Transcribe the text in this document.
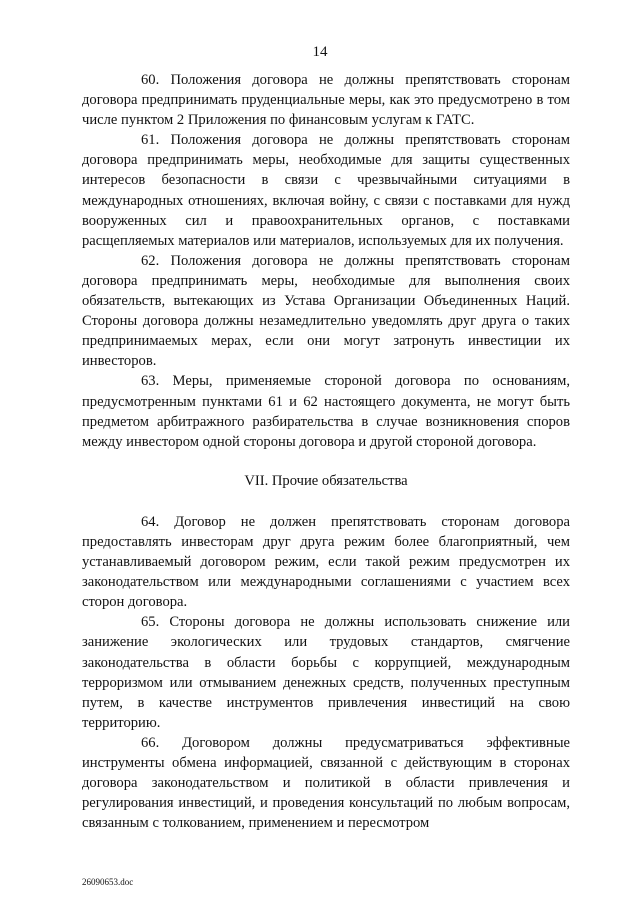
14

60. Положения договора не должны препятствовать сторонам договора предпринимать пруденциальные меры, как это предусмотрено в том числе пунктом 2 Приложения по финансовым услугам к ГАТС.

61. Положения договора не должны препятствовать сторонам договора предпринимать меры, необходимые для защиты существенных интересов безопасности в связи с чрезвычайными ситуациями в международных отношениях, включая войну, с связи с поставками для нужд вооруженных сил и правоохранительных органов, с поставками расщепляемых материалов или материалов, используемых для их получения.

62. Положения договора не должны препятствовать сторонам договора предпринимать меры, необходимые для выполнения своих обязательств, вытекающих из Устава Организации Объединенных Наций. Стороны договора должны незамедлительно уведомлять друг друга о таких предпринимаемых мерах, если они могут затронуть инвестиции их инвесторов.

63. Меры, применяемые стороной договора по основаниям, предусмотренным пунктами 61 и 62 настоящего документа, не могут быть предметом арбитражного разбирательства в случае возникновения споров между инвестором одной стороны договора и другой стороной договора.

VII. Прочие обязательства

64. Договор не должен препятствовать сторонам договора предоставлять инвесторам друг друга режим более благоприятный, чем устанавливаемый договором режим, если такой режим предусмотрен их законодательством или международными соглашениями с участием всех сторон договора.

65. Стороны договора не должны использовать снижение или занижение экологических или трудовых стандартов, смягчение законодательства в области борьбы с коррупцией, международным терроризмом или отмыванием денежных средств, полученных преступным путем, в качестве инструментов привлечения инвестиций на свою территорию.

66. Договором должны предусматриваться эффективные инструменты обмена информацией, связанной с действующим в сторонах договора законодательством и политикой в области привлечения и регулирования инвестиций, и проведения консультаций по любым вопросам, связанным с толкованием, применением и пересмотром

26090653.doc
